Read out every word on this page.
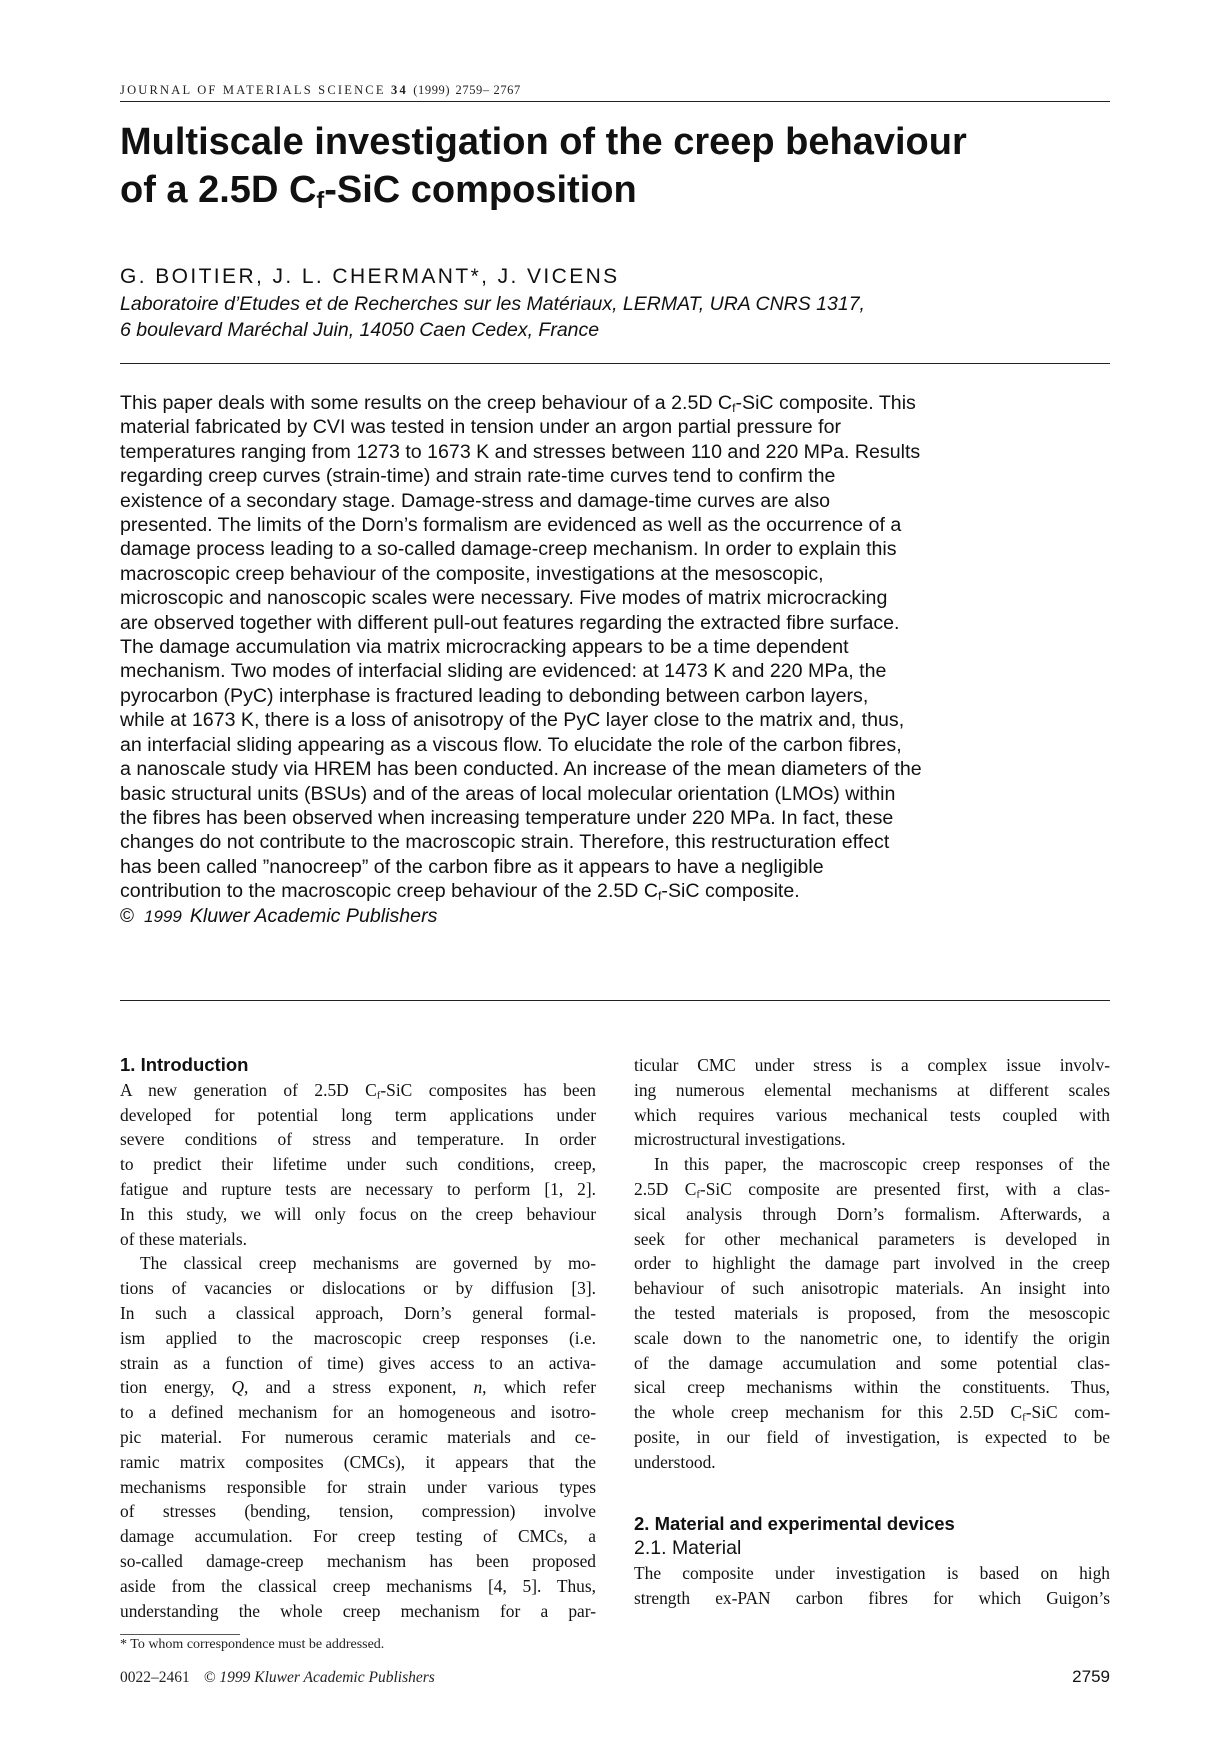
JOURNAL OF MATERIALS SCIENCE 34 (1999) 2759– 2767
Multiscale investigation of the creep behaviour
of a 2.5D $C_f$-SiC composition
G. BOITIER, J. L. CHERMANT*, J. VICENS
Laboratoire d’Etudes et de Recherches sur les Matériaux, LERMAT, URA CNRS 1317,
6 boulevard Maréchal Juin, 14050 Caen Cedex, France
This paper deals with some results on the creep behaviour of a 2.5D $C_f$-SiC composite. This
material fabricated by CVI was tested in tension under an argon partial pressure for
temperatures ranging from 1273 to 1673 K and stresses between 110 and 220 MPa. Results
regarding creep curves (strain-time) and strain rate-time curves tend to confirm the
existence of a secondary stage. Damage-stress and damage-time curves are also
presented. The limits of the Dorn’s formalism are evidenced as well as the occurrence of a
damage process leading to a so-called damage-creep mechanism. In order to explain this
macroscopic creep behaviour of the composite, investigations at the mesoscopic,
microscopic and nanoscopic scales were necessary. Five modes of matrix microcracking
are observed together with different pull-out features regarding the extracted fibre surface.
The damage accumulation via matrix microcracking appears to be a time dependent
mechanism. Two modes of interfacial sliding are evidenced: at 1473 K and 220 MPa, the
pyrocarbon (PyC) interphase is fractured leading to debonding between carbon layers,
while at 1673 K, there is a loss of anisotropy of the PyC layer close to the matrix and, thus,
an interfacial sliding appearing as a viscous flow. To elucidate the role of the carbon fibres,
a nanoscale study via HREM has been conducted. An increase of the mean diameters of the
basic structural units (BSUs) and of the areas of local molecular orientation (LMOs) within
the fibres has been observed when increasing temperature under 220 MPa. In fact, these
changes do not contribute to the macroscopic strain. Therefore, this restructuration effect
has been called ”nanocreep” of the carbon fibre as it appears to have a negligible
contribution to the macroscopic creep behaviour of the 2.5D $C_f$-SiC composite.
© 1999 Kluwer Academic Publishers
1. Introduction
A new generation of 2.5D $C_f$-SiC composites has been
developed for potential long term applications under
severe conditions of stress and temperature. In order
to predict their lifetime under such conditions, creep,
fatigue and rupture tests are necessary to perform [1, 2].
In this study, we will only focus on the creep behaviour
of these materials.
The classical creep mechanisms are governed by mo-
tions of vacancies or dislocations or by diffusion [3].
In such a classical approach, Dorn’s general formal-
ism applied to the macroscopic creep responses (i.e.
strain as a function of time) gives access to an activa-
tion energy, Q, and a stress exponent, n, which refer
to a defined mechanism for an homogeneous and isotro-
pic material. For numerous ceramic materials and ce-
ramic matrix composites (CMCs), it appears that the
mechanisms responsible for strain under various types
of stresses (bending, tension, compression) involve
damage accumulation. For creep testing of CMCs, a
so-called damage-creep mechanism has been proposed
aside from the classical creep mechanisms [4, 5]. Thus,
understanding the whole creep mechanism for a par-
ticular CMC under stress is a complex issue involv-
ing numerous elemental mechanisms at different scales
which requires various mechanical tests coupled with
microstructural investigations.
In this paper, the macroscopic creep responses of the
2.5D $C_f$-SiC composite are presented first, with a clas-
sical analysis through Dorn’s formalism. Afterwards, a
seek for other mechanical parameters is developed in
order to highlight the damage part involved in the creep
behaviour of such anisotropic materials. An insight into
the tested materials is proposed, from the mesoscopic
scale down to the nanometric one, to identify the origin
of the damage accumulation and some potential clas-
sical creep mechanisms within the constituents. Thus,
the whole creep mechanism for this 2.5D $C_f$-SiC com-
posite, in our field of investigation, is expected to be
understood.
2. Material and experimental devices
2.1. Material
The composite under investigation is based on high
strength ex-PAN carbon fibres for which Guigon’s
* To whom correspondence must be addressed.
0022–2461 © 1999 Kluwer Academic Publishers	2759
